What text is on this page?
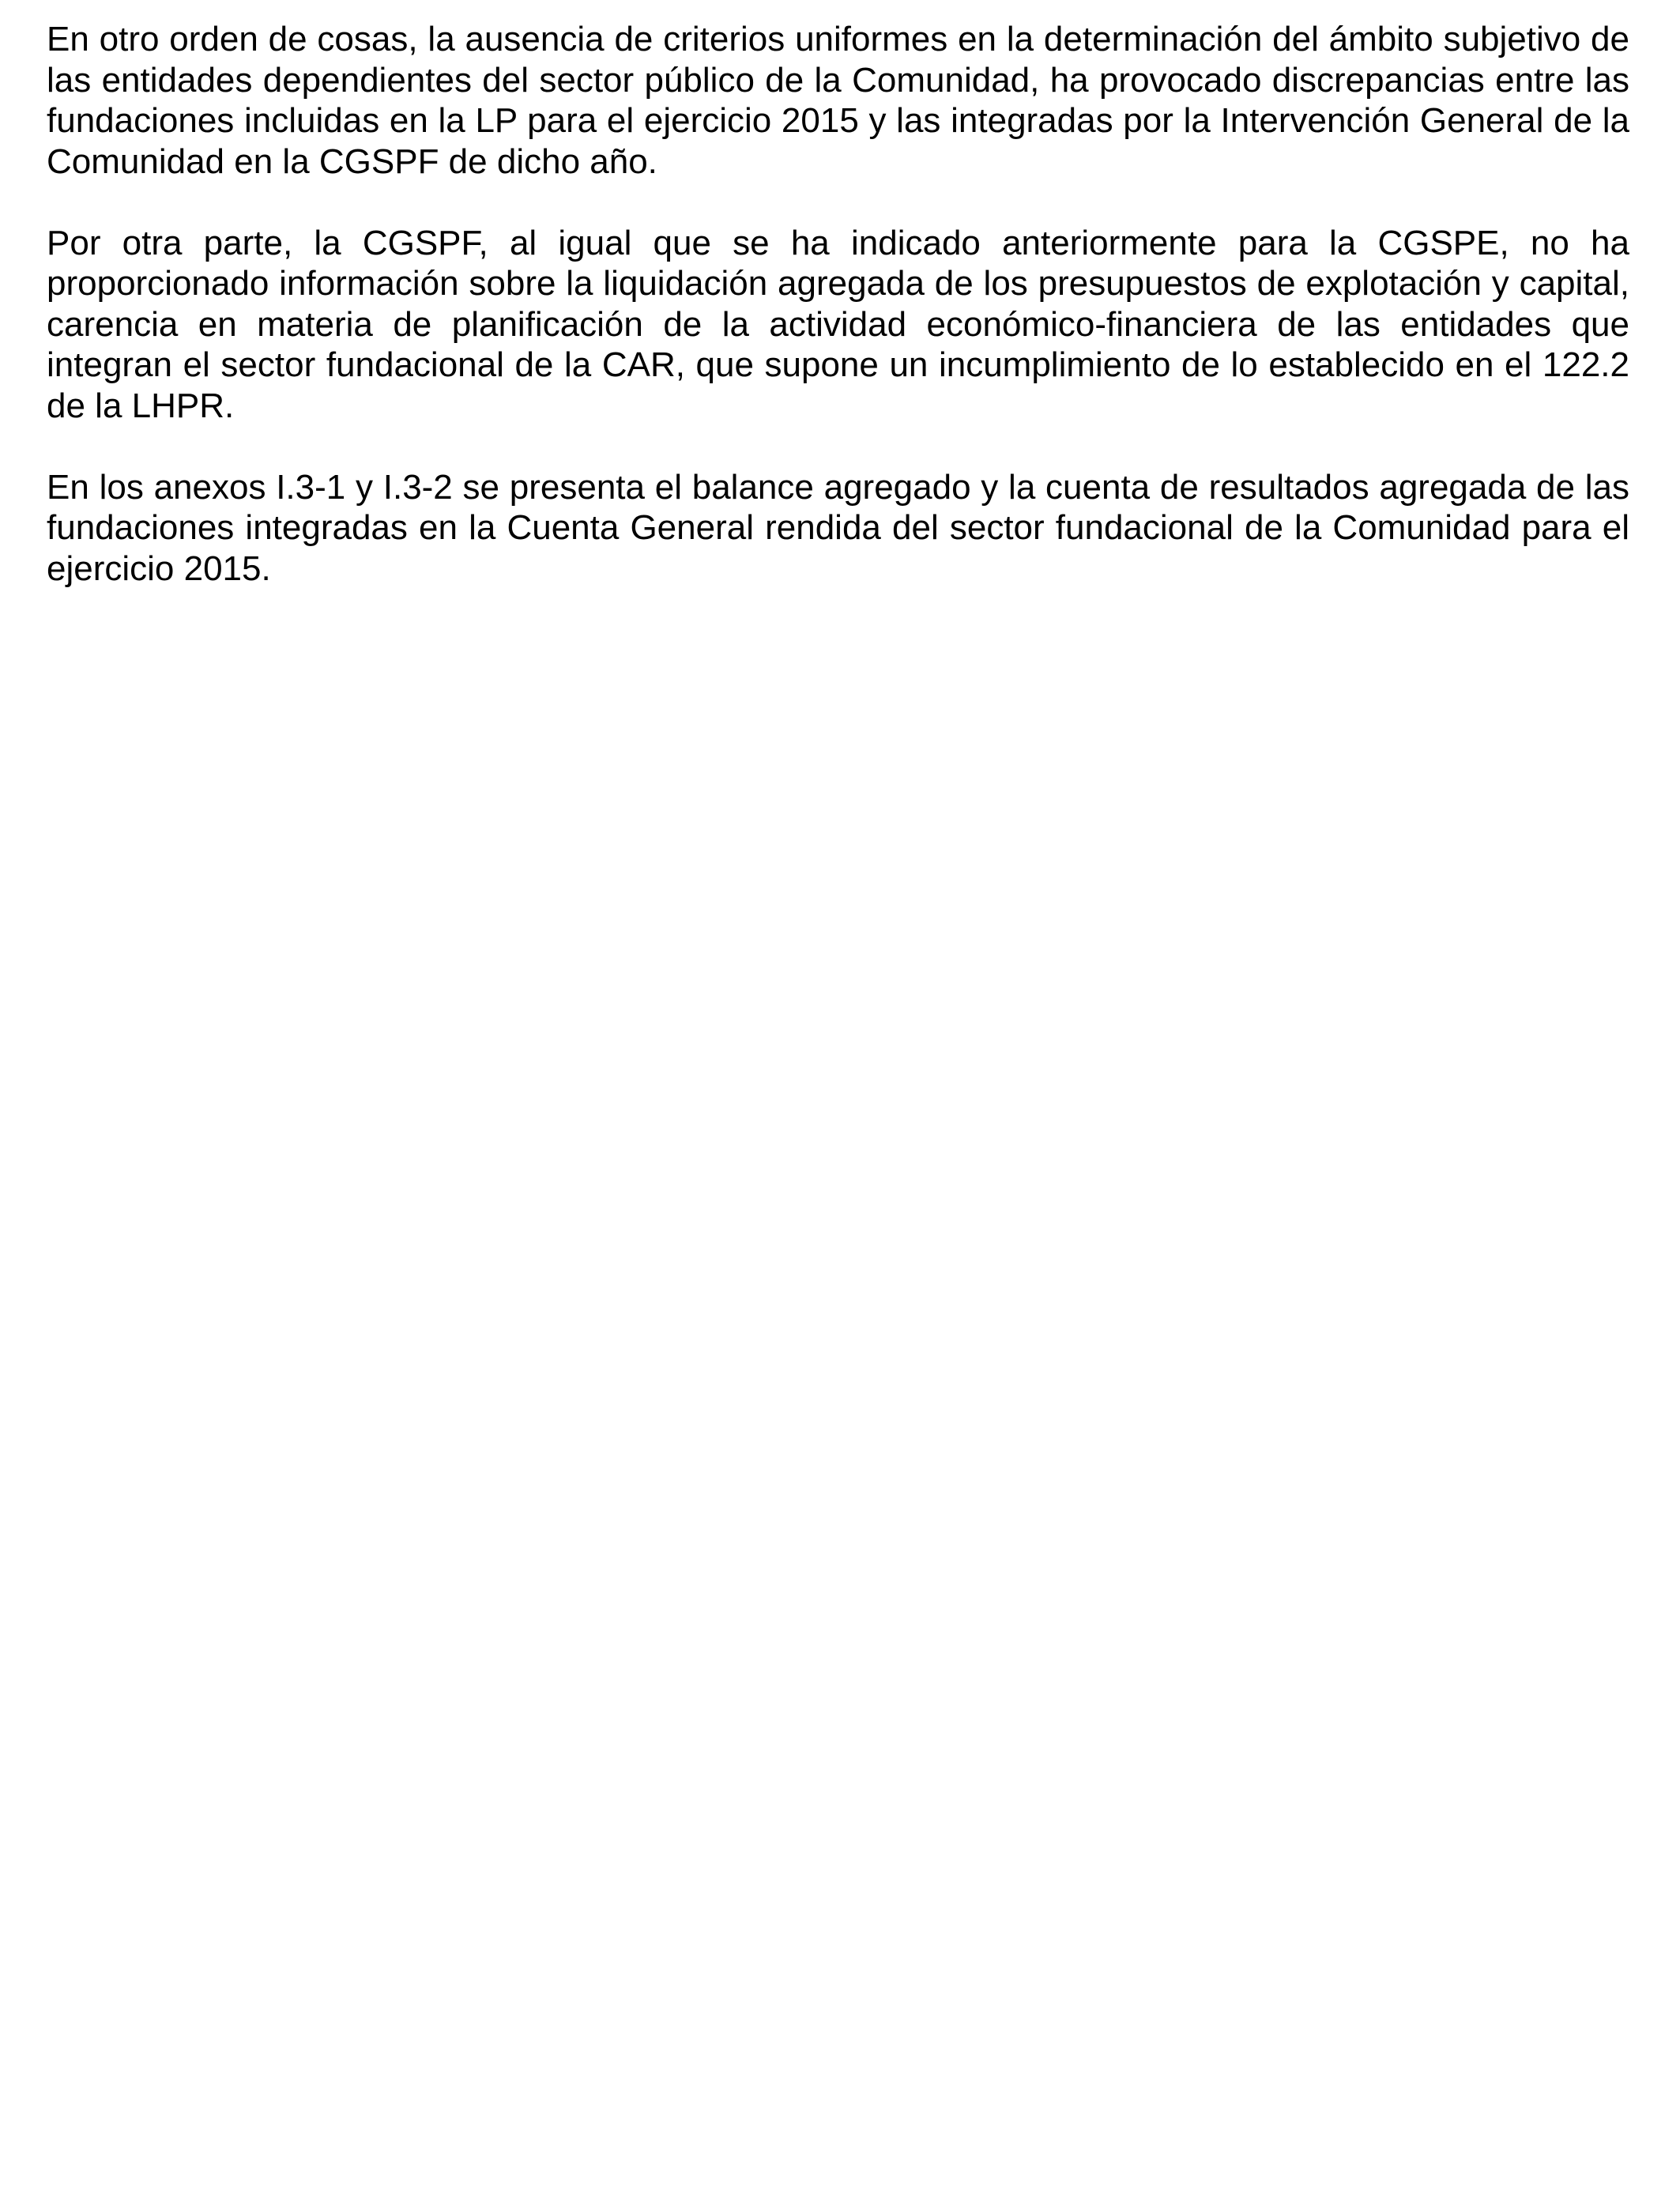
En otro orden de cosas, la ausencia de criterios uniformes en la determinación del ámbito subjetivo de las entidades dependientes del sector público de la Comunidad, ha provocado discrepancias entre las fundaciones incluidas en la LP para el ejercicio 2015 y las integradas por la Intervención General de la Comunidad en la CGSPF de dicho año.

Por otra parte, la CGSPF, al igual que se ha indicado anteriormente para la CGSPE, no ha proporcionado información sobre la liquidación agregada de los presupuestos de explotación y capital, carencia en materia de planificación de la actividad económico-financiera de las entidades que integran el sector fundacional de la CAR, que supone un incumplimiento de lo establecido en el 122.2 de la LHPR.

En los anexos I.3-1 y I.3-2 se presenta el balance agregado y la cuenta de resultados agregada de las fundaciones integradas en la Cuenta General rendida del sector fundacional de la Comunidad para el ejercicio 2015.
